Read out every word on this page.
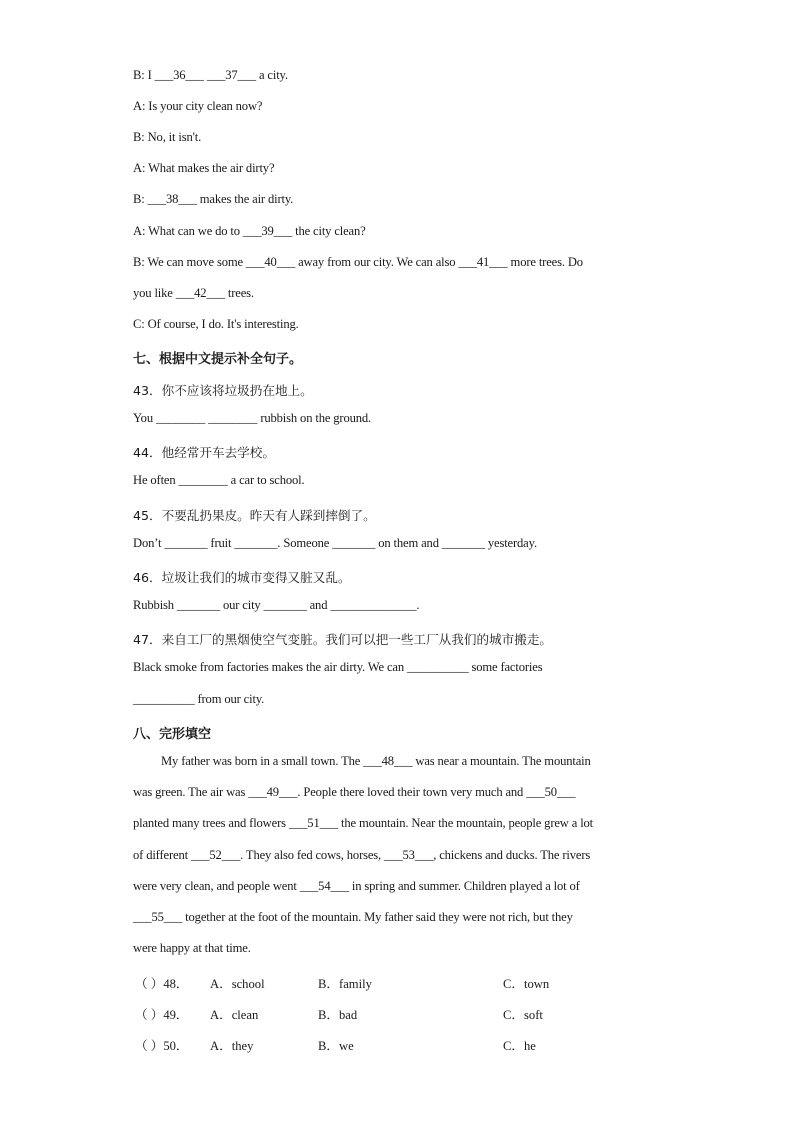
B: I ___36___ ___37___ a city.
A: Is your city clean now?
B: No, it isn't.
A: What makes the air dirty?
B: ___38___ makes the air dirty.
A: What can we do to ___39___ the city clean?
B: We can move some ___40___ away from our city. We can also ___41___ more trees. Do
you like ___42___ trees.
C: Of course, I do. It's interesting.
七、根据中文提示补全句子。
43．你不应该将垃圾扔在地上。
You ________ ________ rubbish on the ground.
44．他经常开车去学校。
He often ________ a car to school.
45．不要乱扔果皮。昨天有人踩到摔倒了。
Don’t _______ fruit _______. Someone _______ on them and _______ yesterday.
46．垃圾让我们的城市变得又脏又乱。
Rubbish _______ our city _______ and ______________.
47．来自工厂的黑烟使空气变脏。我们可以把一些工厂从我们的城市搬走。
Black smoke from factories makes the air dirty. We can __________ some factories
__________ from our city.
八、完形填空
My father was born in a small town. The ___48___ was near a mountain. The mountain
was green. The air was ___49___. People there loved their town very much and ___50___
planted many trees and flowers ___51___ the mountain. Near the mountain, people grew a lot
of different ___52___. They also fed cows, horses, ___53___, chickens and ducks. The rivers
were very clean, and people went ___54___ in spring and summer. Children played a lot of
___55___ together at the foot of the mountain. My father said they were not rich, but they
were happy at that time.
（ ）48． A．school	B．family	C．town
（ ）49． A．clean	B．bad	C．soft
（ ）50． A．they	B．we	C．he
